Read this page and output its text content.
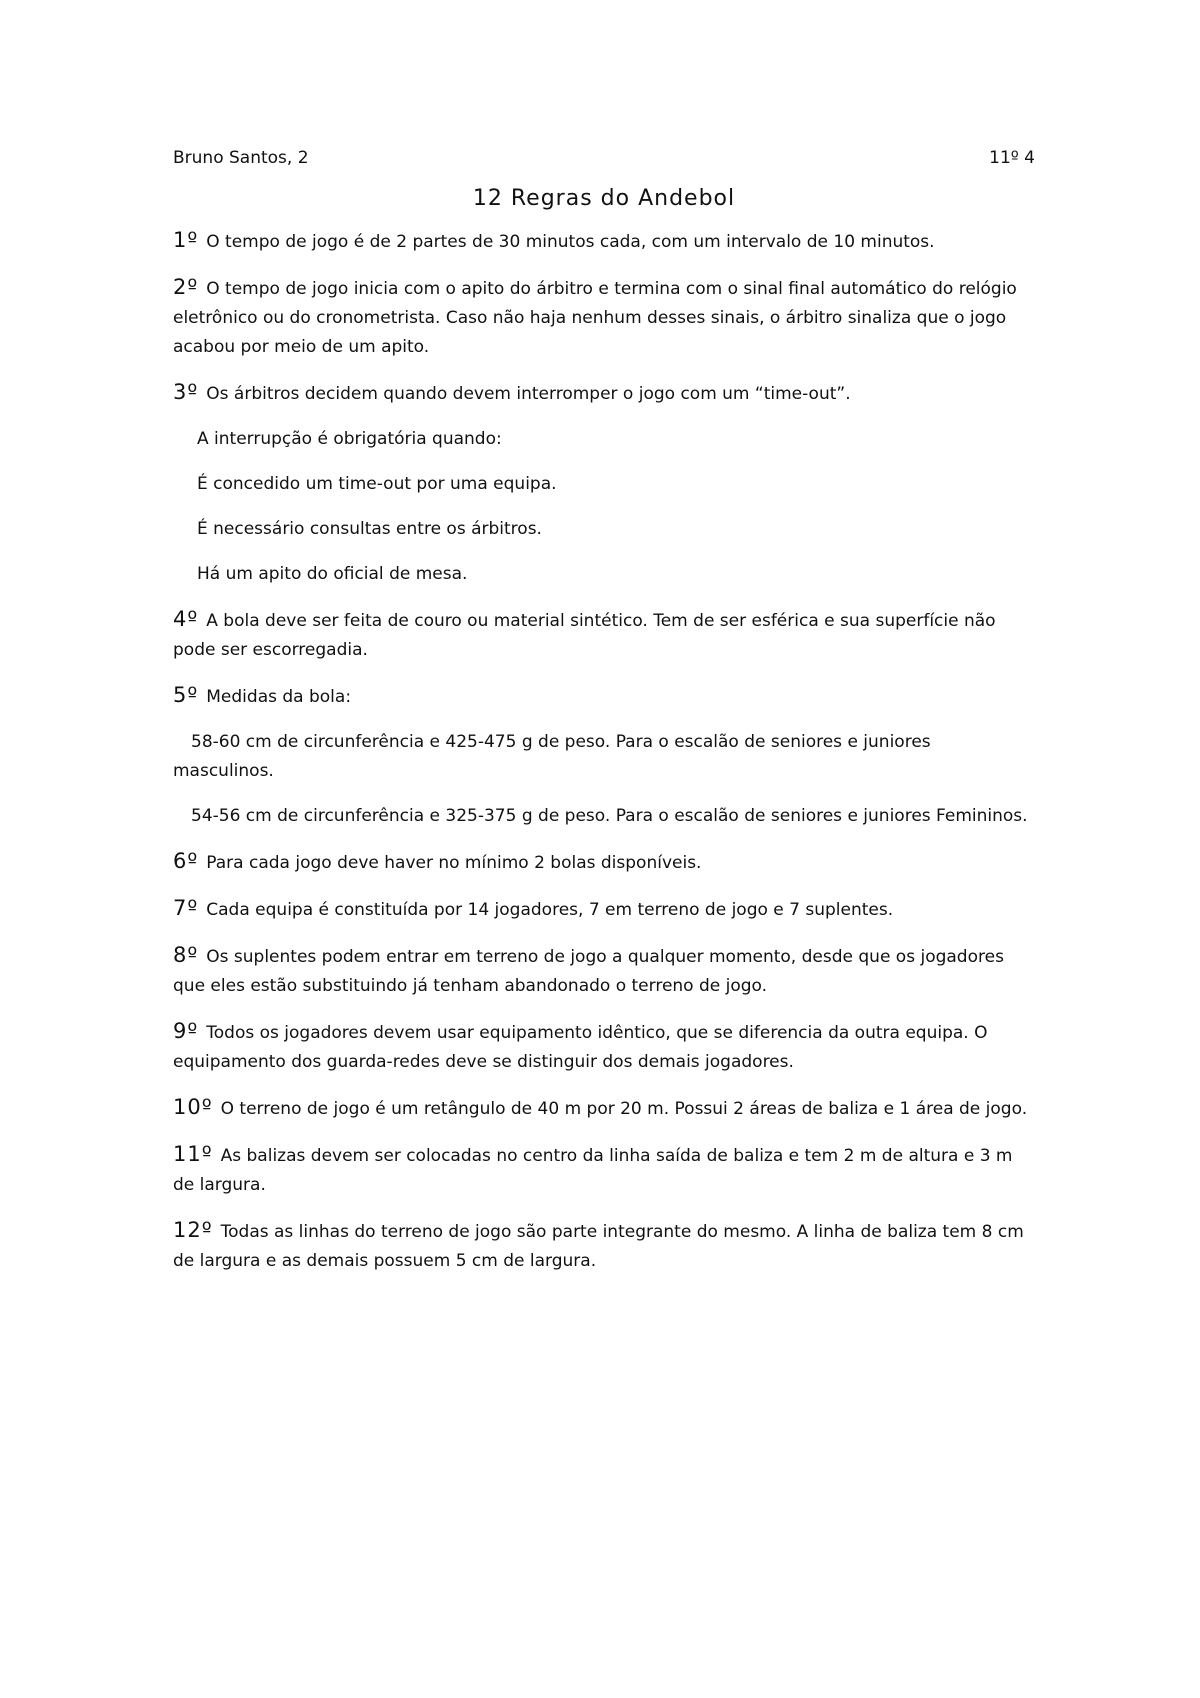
Bruno Santos, 2	11º 4
12 Regras do Andebol

1º O tempo de jogo é de 2 partes de 30 minutos cada, com um intervalo de 10 minutos.

2º O tempo de jogo inicia com o apito do árbitro e termina com o sinal final automático do relógio eletrônico ou do cronometrista. Caso não haja nenhum desses sinais, o árbitro sinaliza que o jogo acabou por meio de um apito.

3º Os árbitros decidem quando devem interromper o jogo com um “time-out”.

A interrupção é obrigatória quando:

É concedido um time-out por uma equipa.

É necessário consultas entre os árbitros.

Há um apito do oficial de mesa.

4º A bola deve ser feita de couro ou material sintético. Tem de ser esférica e sua superfície não pode ser escorregadia.

5º Medidas da bola:

58-60 cm de circunferência e 425-475 g de peso. Para o escalão de seniores e juniores masculinos.

54-56 cm de circunferência e 325-375 g de peso. Para o escalão de seniores e juniores Femininos.

6º Para cada jogo deve haver no mínimo 2 bolas disponíveis.

7º Cada equipa é constituída por 14 jogadores, 7 em terreno de jogo e 7 suplentes.

8º Os suplentes podem entrar em terreno de jogo a qualquer momento, desde que os jogadores que eles estão substituindo já tenham abandonado o terreno de jogo.

9º Todos os jogadores devem usar equipamento idêntico, que se diferencia da outra equipa. O equipamento dos guarda-redes deve se distinguir dos demais jogadores.

10º O terreno de jogo é um retângulo de 40 m por 20 m. Possui 2 áreas de baliza e 1 área de jogo.

11º As balizas devem ser colocadas no centro da linha saída de baliza e tem 2 m de altura e 3 m de largura.

12º Todas as linhas do terreno de jogo são parte integrante do mesmo. A linha de baliza tem 8 cm de largura e as demais possuem 5 cm de largura.
